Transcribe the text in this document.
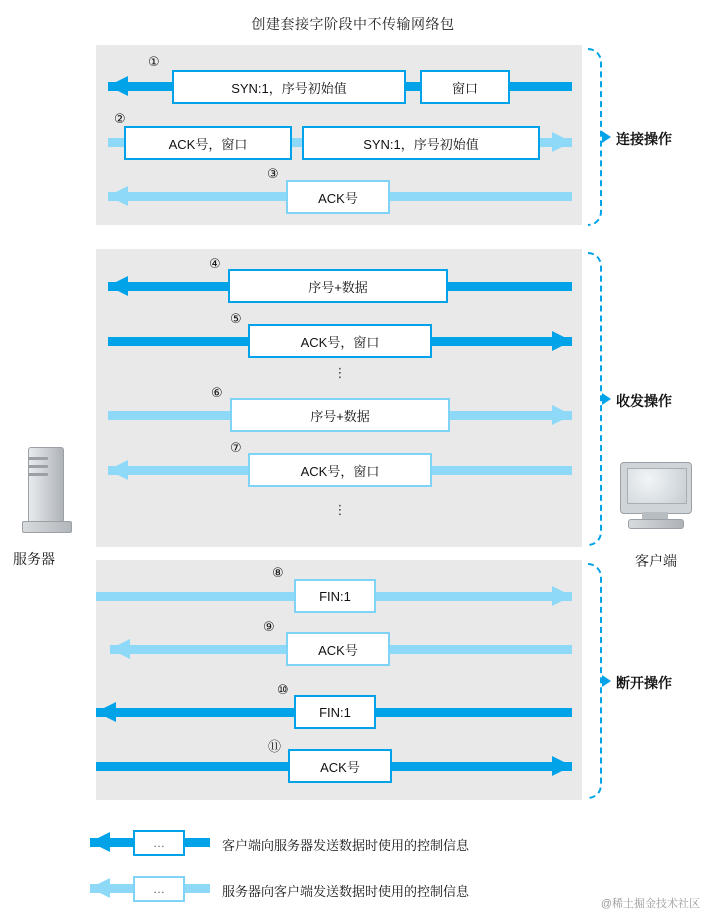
创建套接字阶段中不传输网络包
①
SYN:1，序号初始值	窗口
②
ACK号，窗口	SYN:1，序号初始值
③
ACK号
④
序号+数据
⑤
ACK号，窗口
⋮
⑥
序号+数据
⑦
ACK号，窗口
⋮
⑧
FIN:1
⑨
ACK号
⑩
FIN:1
⑪
ACK号
连接操作
收发操作
断开操作
服务器	客户端
…	客户端向服务器发送数据时使用的控制信息
…	服务器向客户端发送数据时使用的控制信息
@稀土掘金技术社区
